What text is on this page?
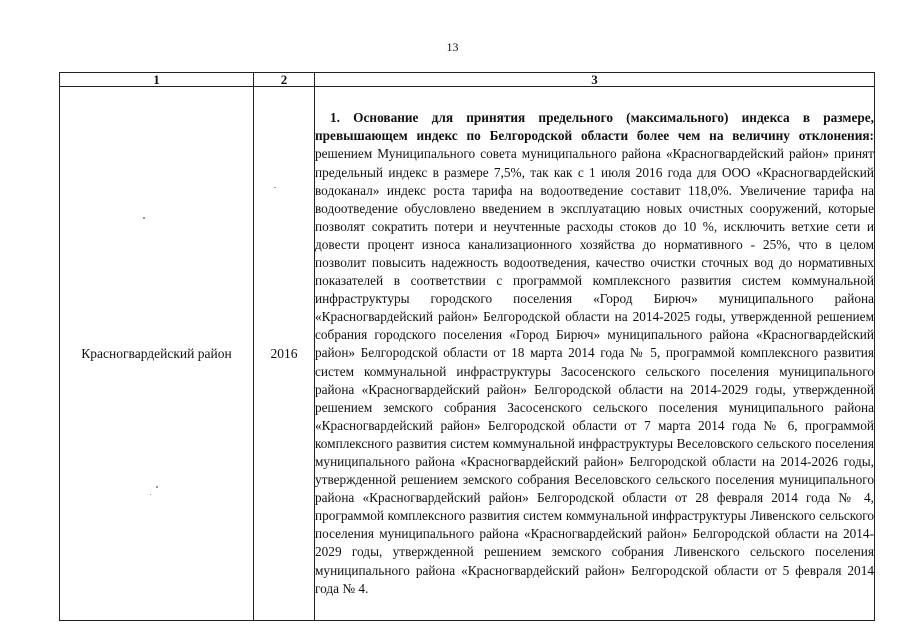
13
1	2	3
Красногвардейский район	2016	1. Основание для принятия предельного (максимального) индекса в размере, превышающем индекс по Белгородской области более чем на величину отклонения: решением Муниципального совета муниципального района «Красногвардейский район» принят предельный индекс в размере 7,5%, так как с 1 июля 2016 года для ООО «Красногвардейский водоканал» индекс роста тарифа на водоотведение составит 118,0%. Увеличение тарифа на водоотведение обусловлено введением в эксплуатацию новых очистных сооружений, которые позволят сократить потери и неучтенные расходы стоков до 10 %, исключить ветхие сети и довести процент износа канализационного хозяйства до нормативного - 25%, что в целом позволит повысить надежность водоотведения, качество очистки сточных вод до нормативных показателей в соответствии с программой комплексного развития систем коммунальной инфраструктуры городского поселения «Город Бирюч» муниципального района «Красногвардейский район» Белгородской области на 2014-2025 годы, утвержденной решением собрания городского поселения «Город Бирюч» муниципального района «Красногвардейский район» Белгородской области от 18 марта 2014 года № 5, программой комплексного развития систем коммунальной инфраструктуры Засосенского сельского поселения муниципального района «Красногвардейский район» Белгородской области на 2014-2029 годы, утвержденной решением земского собрания Засосенского сельского поселения муниципального района «Красногвардейский район» Белгородской области от 7 марта 2014 года № 6, программой комплексного развития систем коммунальной инфраструктуры Веселовского сельского поселения муниципального района «Красногвардейский район» Белгородской области на 2014-2026 годы, утвержденной решением земского собрания Веселовского сельского поселения муниципального района «Красногвардейский район» Белгородской области от 28 февраля 2014 года № 4, программой комплексного развития систем коммунальной инфраструктуры Ливенского сельского поселения муниципального района «Красногвардейский район» Белгородской области на 2014-2029 годы, утвержденной решением земского собрания Ливенского сельского поселения муниципального района «Красногвардейский район» Белгородской области от 5 февраля 2014 года № 4.
